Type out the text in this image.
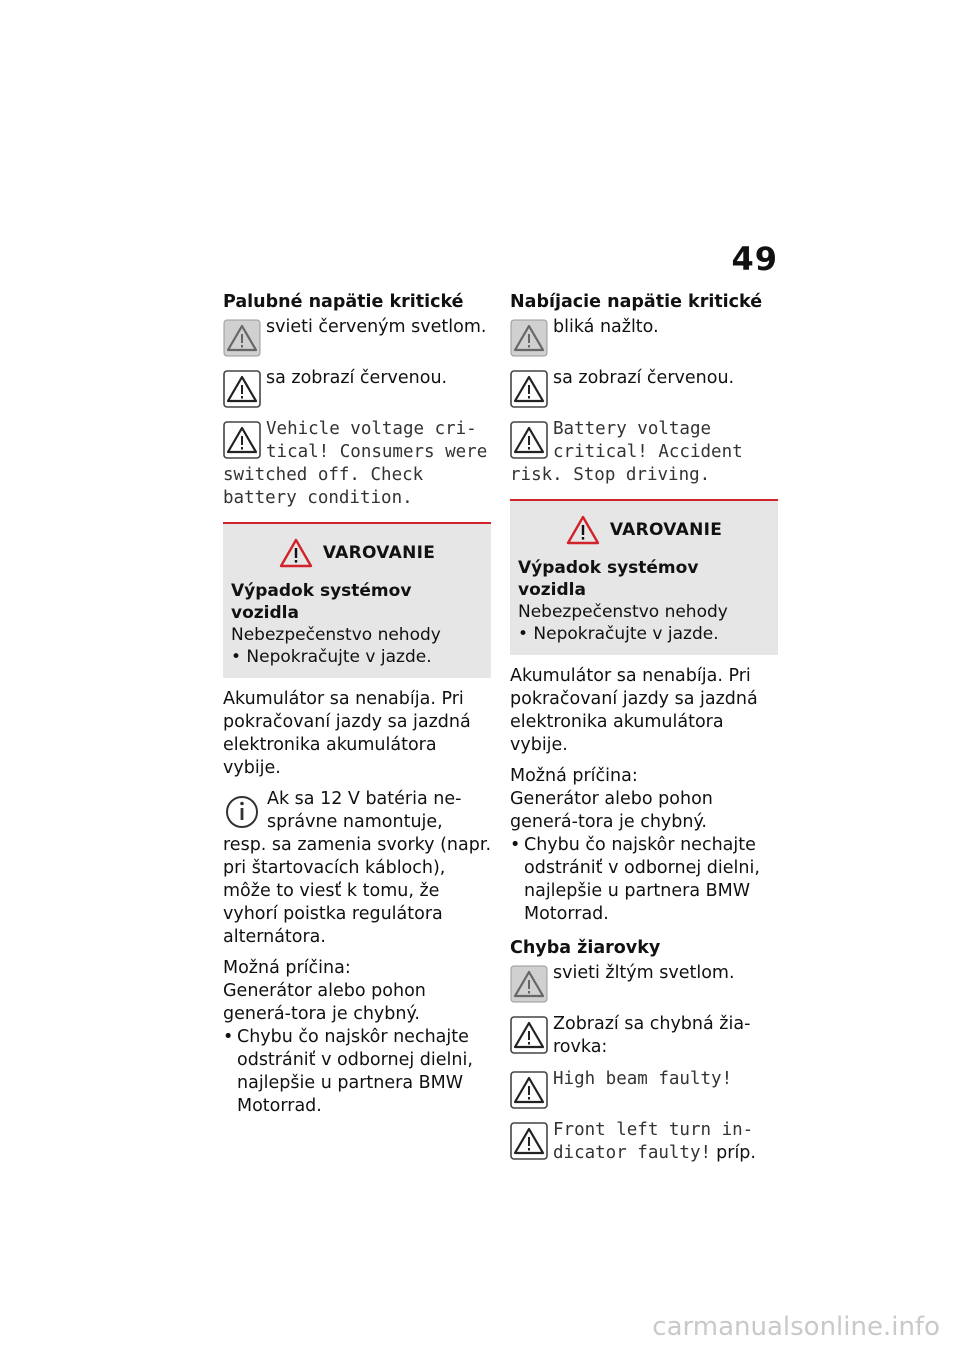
49
Palubné napätie kritické
svieti červeným svetlom.
sa zobrazí červenou.
Vehicle voltage cri-tical! Consumers were switched off. Check battery condition.
VAROVANIE
Výpadok systémov vozidla
Nebezpečenstvo nehody
• Nepokračujte v jazde.

Akumulátor sa nenabíja. Pri pokračovaní jazdy sa jazdná elektronika akumulátora vybije.

Ak sa 12 V batéria ne-správne namontuje, resp. sa zamenia svorky (napr. pri štartovacích kábloch), môže to viesť k tomu, že vyhorí poistka regulátora alternátora.
Možná príčina:
Generátor alebo pohon generá-tora je chybný.
• Chybu čo najskôr nechajte odstrániť v odbornej dielni, najlepšie u partnera BMW Motorrad.
Nabíjacie napätie kritické
bliká nažlto.
sa zobrazí červenou.
Battery voltage critical! Accident risk. Stop driving.
VAROVANIE
Výpadok systémov vozidla
Nebezpečenstvo nehody
• Nepokračujte v jazde.

Akumulátor sa nenabíja. Pri pokračovaní jazdy sa jazdná elektronika akumulátora vybije.

Možná príčina:
Generátor alebo pohon generá-tora je chybný.
• Chybu čo najskôr nechajte odstrániť v odbornej dielni, najlepšie u partnera BMW Motorrad.
Chyba žiarovky
svieti žltým svetlom.
Zobrazí sa chybná žia-rovka:
High beam faulty!
Front left turn in-dicator faulty! príp.
carmanualsonline.info
